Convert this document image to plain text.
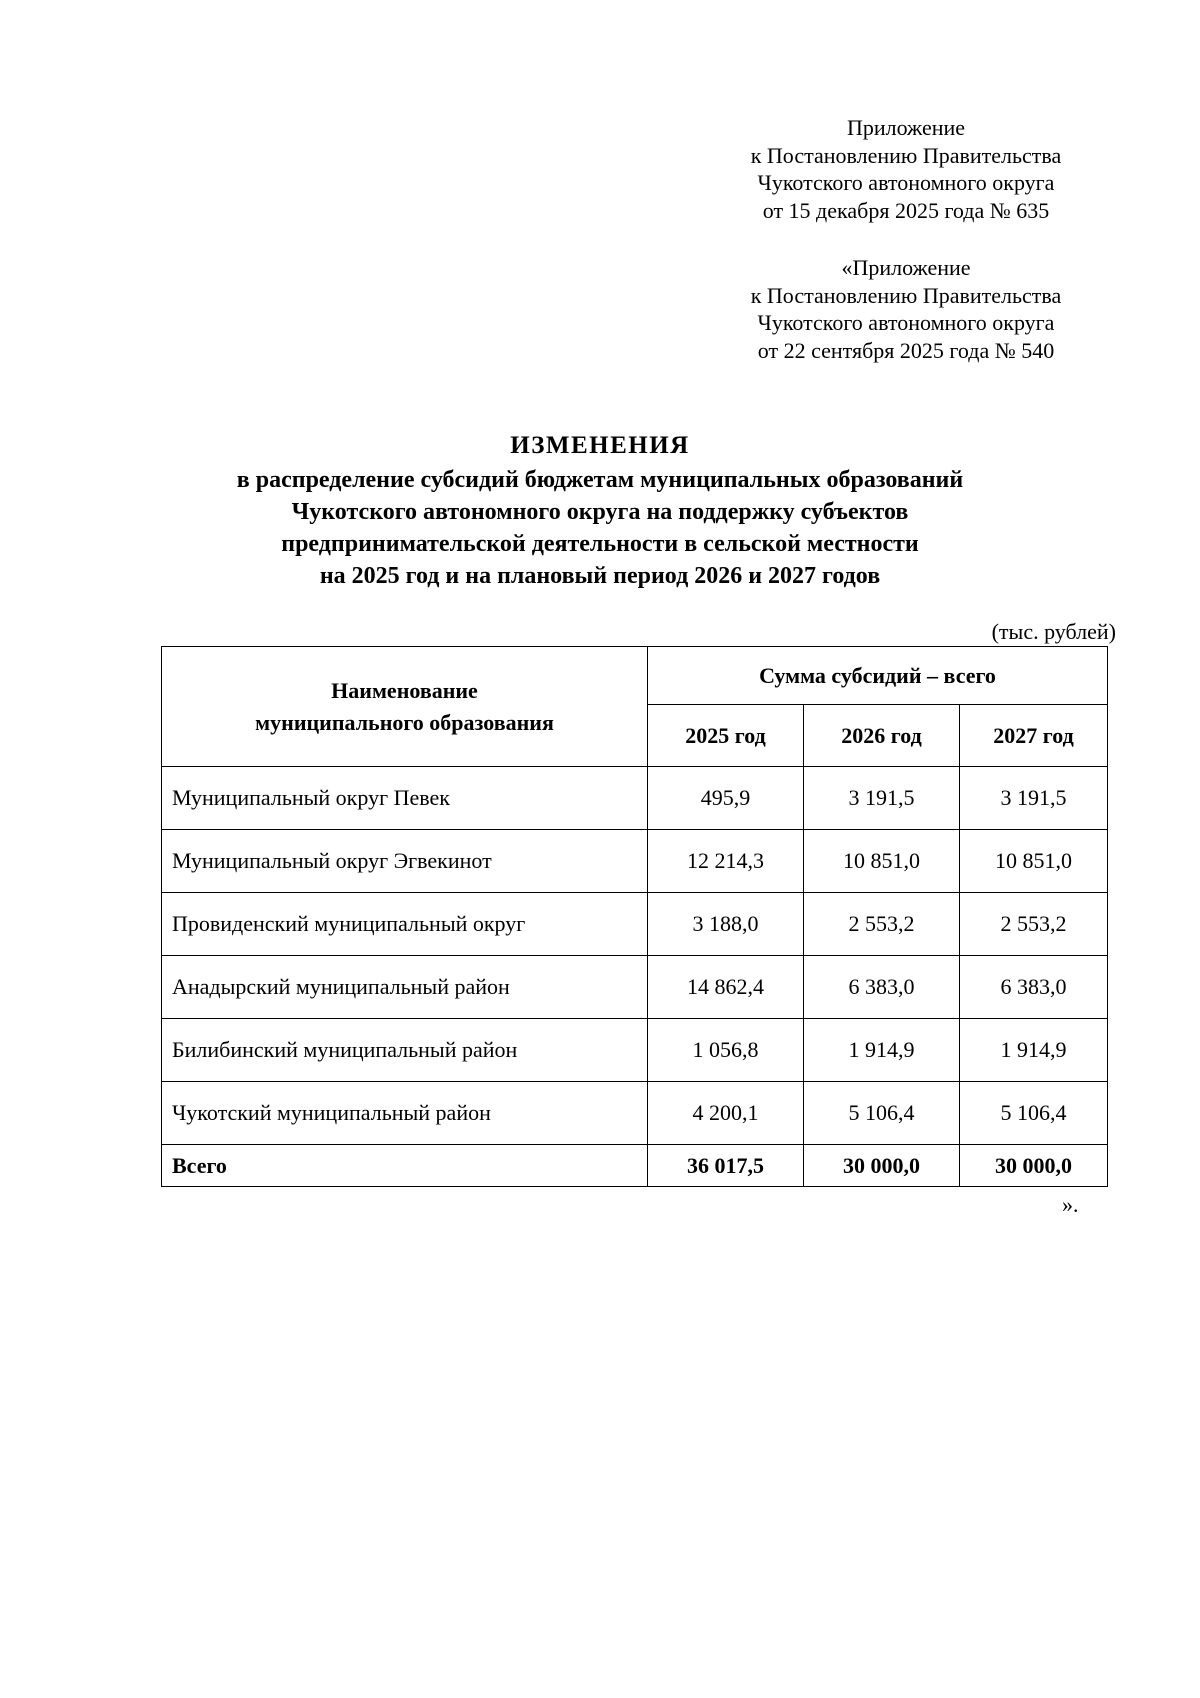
Приложение
к Постановлению Правительства
Чукотского автономного округа
от 15 декабря 2025 года № 635
«Приложение
к Постановлению Правительства
Чукотского автономного округа
от 22 сентября 2025 года № 540
ИЗМЕНЕНИЯ
в распределение субсидий бюджетам муниципальных образований
Чукотского автономного округа на поддержку субъектов
предпринимательской деятельности в сельской местности
на 2025 год и на плановый период 2026 и 2027 годов
(тыс. рублей)
Наименование
муниципального образования	Сумма субсидий – всего		
	2025 год	2026 год	2027 год
Муниципальный округ Певек	495,9	3 191,5	3 191,5
Муниципальный округ Эгвекинот	12 214,3	10 851,0	10 851,0
Провиденский муниципальный округ	3 188,0	2 553,2	2 553,2
Анадырский муниципальный район	14 862,4	6 383,0	6 383,0
Билибинский муниципальный район	1 056,8	1 914,9	1 914,9
Чукотский муниципальный район	4 200,1	5 106,4	5 106,4
Всего	36 017,5	30 000,0	30 000,0
».
